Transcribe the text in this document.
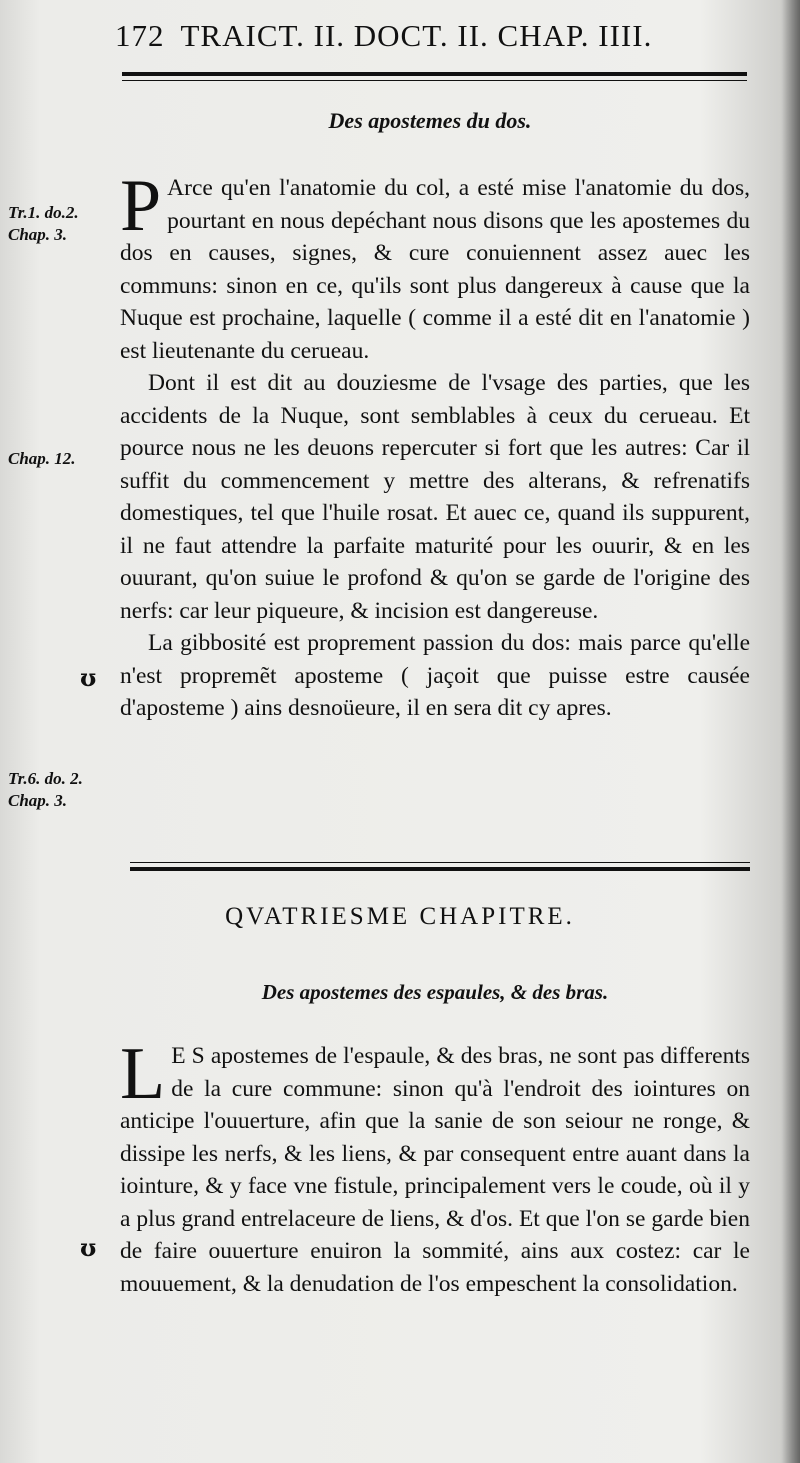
172 TRAICT. II. DOCT. II. CHAP. IIII.
Des apostemes du dos.

P Arce qu'en l'anatomie du col, a esté mise l'anatomie du dos, pourtant en nous depéchant nous disons que les apostemes du dos en causes, signes, & cure conuiennent assez auec les communs: sinon en ce, qu'ils sont plus dangereux à cause que la Nuque est prochaine, laquelle ( comme il a esté dit en l'anatomie ) est lieutenante du cerueau.

Dont il est dit au douziesme de l'vsage des parties, que les accidents de la Nuque, sont semblables à ceux du cerueau. Et pource nous ne les deuons repercuter si fort que les autres: Car il suffit du commencement y mettre des alterans, & refrenatifs domestiques, tel que l'huile rosat. Et auec ce, quand ils suppurent, il ne faut attendre la parfaite maturité pour les ouurir, & en les ouurant, qu'on suiue le profond & qu'on se garde de l'origine des nerfs: car leur piqueure, & incision est dangereuse.

La gibbosité est proprement passion du dos: mais parce qu'elle n'est propremẽt aposteme ( jaçoit que puisse estre causée d'aposteme ) ains desnoüeure, il en sera dit cy apres.

Tr.1. do.2.
Chap. 3.
Chap. 12.
ʊ
Tr.6. do. 2.
Chap. 3.
QVATRIESME CHAPITRE.
Des apostemes des espaules, & des bras.

L E S apostemes de l'espaule, & des bras, ne sont pas differents de la cure commune: sinon qu'à l'endroit des iointures on anticipe l'ouuerture, afin que la sanie de son seiour ne ronge, & dissipe les nerfs, & les liens, & par consequent entre auant dans la iointure, & y face vne fistule, principalement vers le coude, où il y a plus grand entrelaceure de liens, & d'os. Et que l'on se garde bien de faire ouuerture enuiron la sommité, ains aux costez: car le mouuement, & la denudation de l'os empeschent la consolidation.

ʊ
